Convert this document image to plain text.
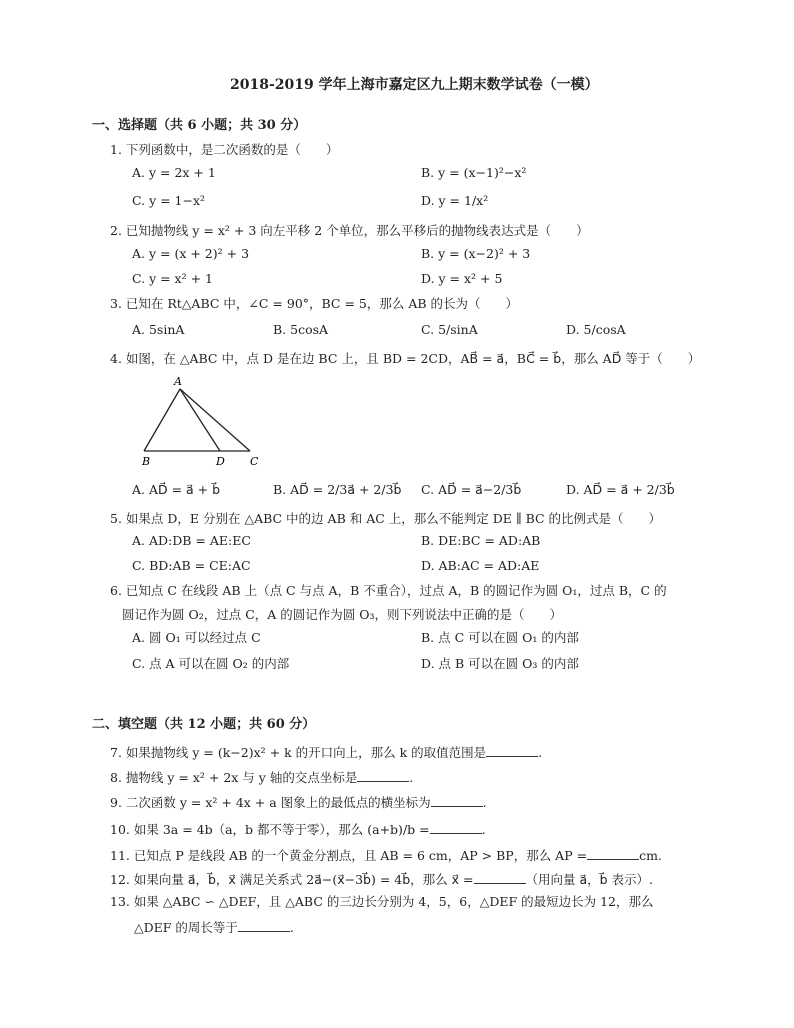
2018-2019 学年上海市嘉定区九上期末数学试卷（一模）
一、选择题（共 6 小题；共 30 分）
1. 下列函数中，是二次函数的是（　　）
A. y = 2x + 1	B. y = (x−1)²−x²
C. y = 1−x²	D. y = 1/x²
2. 已知抛物线 y = x² + 3 向左平移 2 个单位，那么平移后的抛物线表达式是（　　）
A. y = (x + 2)² + 3	B. y = (x−2)² + 3
C. y = x² + 1	D. y = x² + 5
3. 已知在 Rt△ABC 中，∠C = 90°，BC = 5，那么 AB 的长为（　　）
A. 5sinA	B. 5cosA	C. 5/sinA	D. 5/cosA
4. 如图，在 △ABC 中，点 D 是在边 BC 上，且 BD = 2CD，AB⃗ = a⃗，BC⃗ = b⃗，那么 AD⃗ 等于（　　）
A
B	D C
A. AD⃗ = a⃗ + b⃗	B. AD⃗ = 2/3a⃗ + 2/3b⃗ C. AD⃗ = a⃗−2/3b⃗	D. AD⃗ = a⃗ + 2/3b⃗
5. 如果点 D，E 分别在 △ABC 中的边 AB 和 AC 上，那么不能判定 DE ∥ BC 的比例式是（　　）
A. AD:DB = AE:EC	B. DE:BC = AD:AB
C. BD:AB = CE:AC	D. AB:AC = AD:AE
6. 已知点 C 在线段 AB 上（点 C 与点 A，B 不重合），过点 A，B 的圆记作为圆 O₁，过点 B，C 的
圆记作为圆 O₂，过点 C，A 的圆记作为圆 O₃，则下列说法中正确的是（　　）
A. 圆 O₁ 可以经过点 C	B. 点 C 可以在圆 O₁ 的内部
C. 点 A 可以在圆 O₂ 的内部	D. 点 B 可以在圆 O₃ 的内部
二、填空题（共 12 小题；共 60 分）
7. 如果抛物线 y = (k−2)x² + k 的开口向上，那么 k 的取值范围是	.
8. 抛物线 y = x² + 2x 与 y 轴的交点坐标是	.
9. 二次函数 y = x² + 4x + a 图象上的最低点的横坐标为	.
10. 如果 3a = 4b（a，b 都不等于零），那么 (a+b)/b =	.
11. 已知点 P 是线段 AB 的一个黄金分割点，且 AB = 6 cm，AP > BP，那么 AP =	cm.
12. 如果向量 a⃗，b⃗，x⃗ 满足关系式 2a⃗−(x⃗−3b⃗) = 4b⃗，那么 x⃗ =	（用向量 a⃗，b⃗ 表示）.
13. 如果 △ABC ∽ △DEF，且 △ABC 的三边长分别为 4，5，6，△DEF 的最短边长为 12，那么
△DEF 的周长等于	.
